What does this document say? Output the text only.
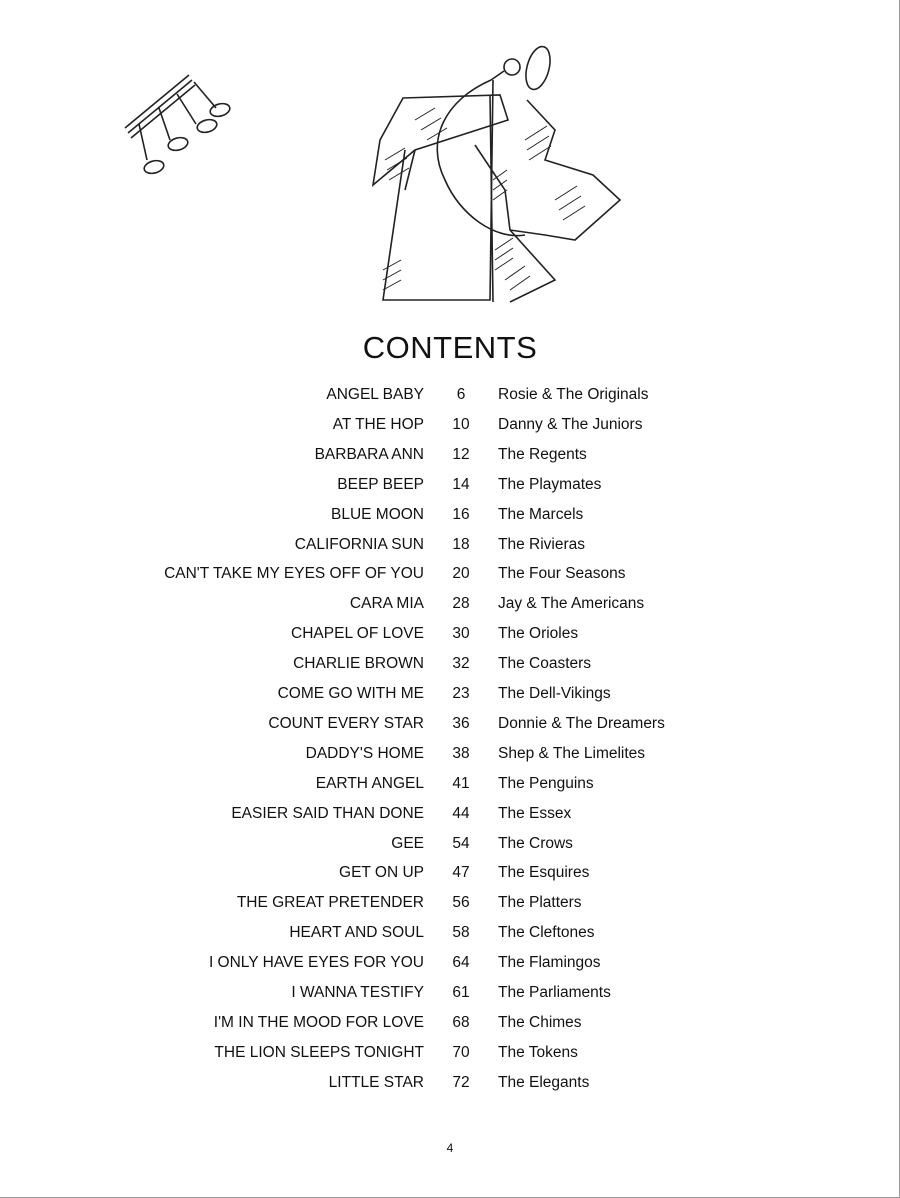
CONTENTS
ANGEL BABY	6	Rosie & The Originals
AT THE HOP	10	Danny & The Juniors
BARBARA ANN	12	The Regents
BEEP BEEP	14	The Playmates
BLUE MOON	16	The Marcels
CALIFORNIA SUN	18	The Rivieras
CAN'T TAKE MY EYES OFF OF YOU	20	The Four Seasons
CARA MIA	28	Jay & The Americans
CHAPEL OF LOVE	30	The Orioles
CHARLIE BROWN	32	The Coasters
COME GO WITH ME	23	The Dell-Vikings
COUNT EVERY STAR	36	Donnie & The Dreamers
DADDY'S HOME	38	Shep & The Limelites
EARTH ANGEL	41	The Penguins
EASIER SAID THAN DONE	44	The Essex
GEE	54	The Crows
GET ON UP	47	The Esquires
THE GREAT PRETENDER	56	The Platters
HEART AND SOUL	58	The Cleftones
I ONLY HAVE EYES FOR YOU	64	The Flamingos
I WANNA TESTIFY	61	The Parliaments
I'M IN THE MOOD FOR LOVE	68	The Chimes
THE LION SLEEPS TONIGHT	70	The Tokens
LITTLE STAR	72	The Elegants
4
